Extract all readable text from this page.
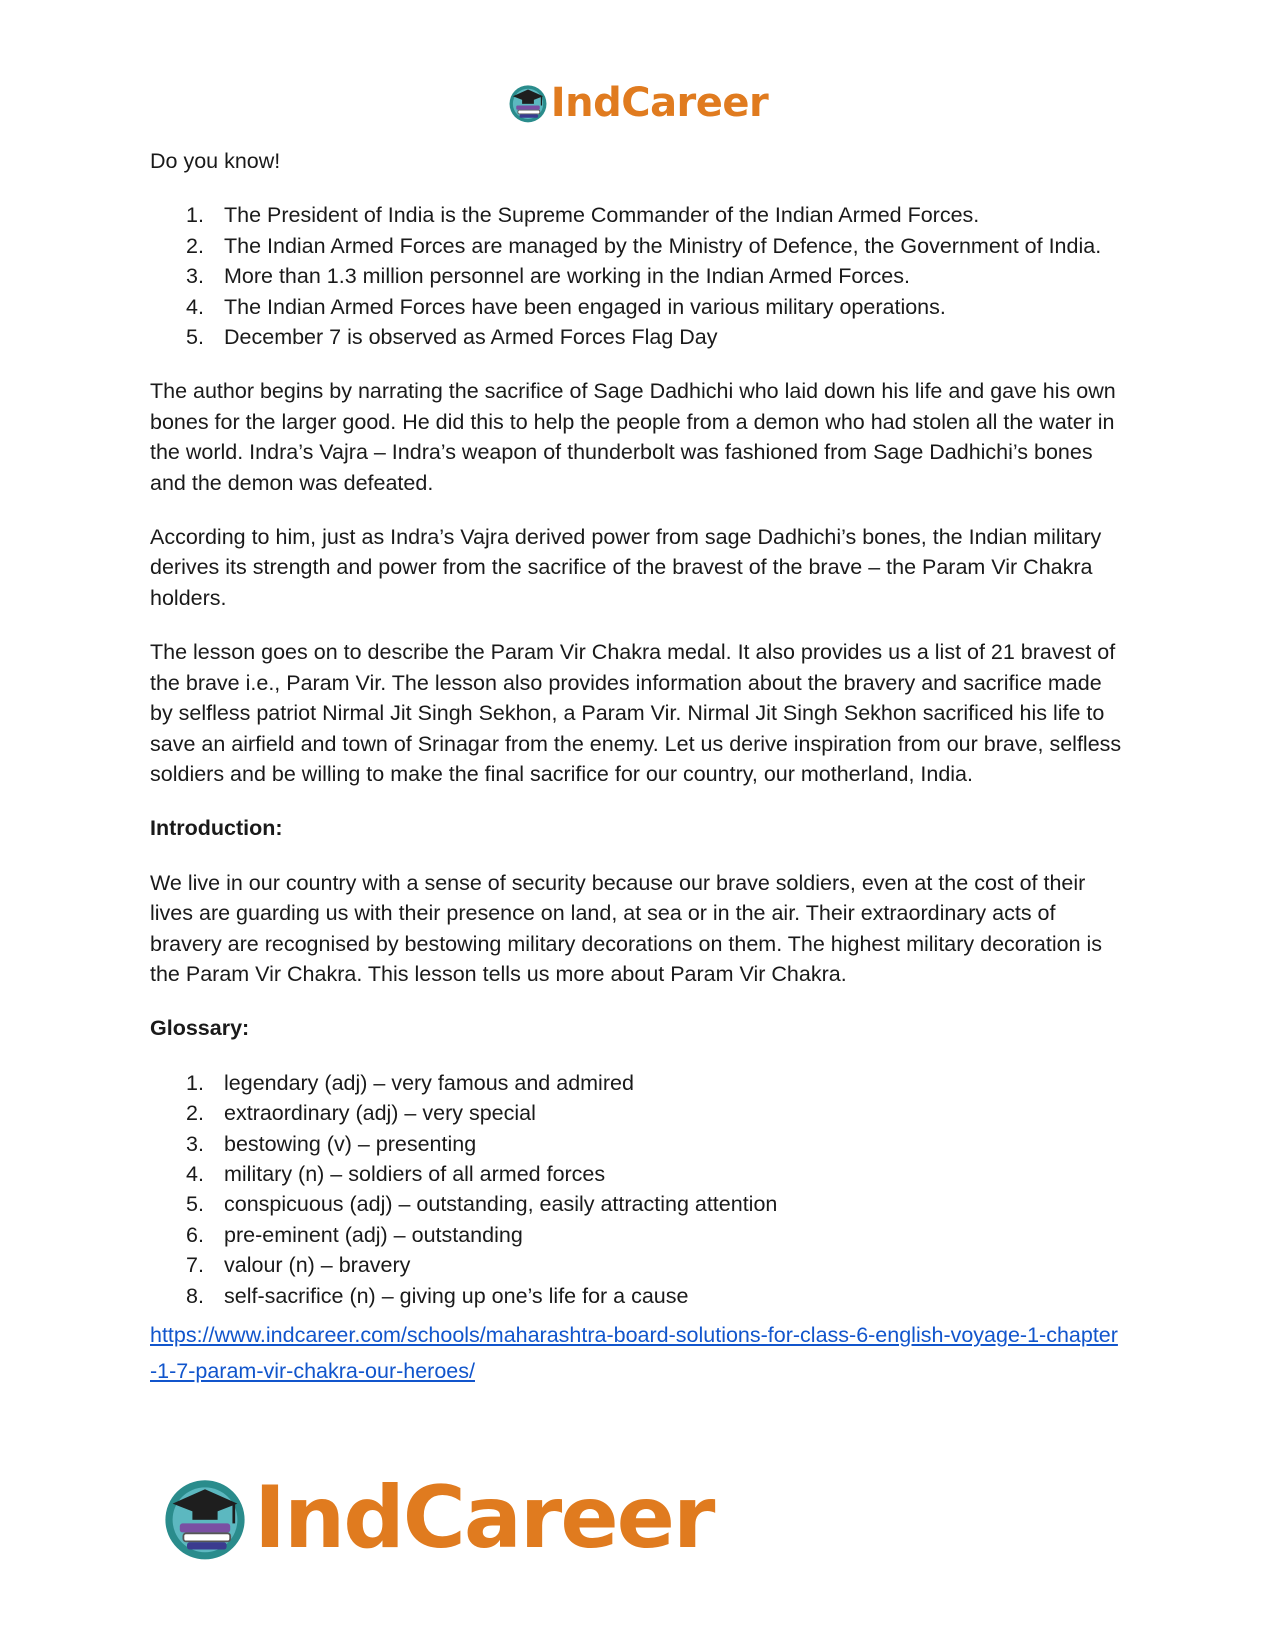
IndCareer

Do you know!

1. The President of India is the Supreme Commander of the Indian Armed Forces.
2. The Indian Armed Forces are managed by the Ministry of Defence, the Government of India.
3. More than 1.3 million personnel are working in the Indian Armed Forces.
4. The Indian Armed Forces have been engaged in various military operations.
5. December 7 is observed as Armed Forces Flag Day

The author begins by narrating the sacrifice of Sage Dadhichi who laid down his life and gave his own bones for the larger good. He did this to help the people from a demon who had stolen all the water in the world. Indra’s Vajra – Indra’s weapon of thunderbolt was fashioned from Sage Dadhichi’s bones and the demon was defeated.

According to him, just as Indra’s Vajra derived power from sage Dadhichi’s bones, the Indian military derives its strength and power from the sacrifice of the bravest of the brave – the Param Vir Chakra holders.

The lesson goes on to describe the Param Vir Chakra medal. It also provides us a list of 21 bravest of the brave i.e., Param Vir. The lesson also provides information about the bravery and sacrifice made by selfless patriot Nirmal Jit Singh Sekhon, a Param Vir. Nirmal Jit Singh Sekhon sacrificed his life to save an airfield and town of Srinagar from the enemy. Let us derive inspiration from our brave, selfless soldiers and be willing to make the final sacrifice for our country, our motherland, India.

Introduction:

We live in our country with a sense of security because our brave soldiers, even at the cost of their lives are guarding us with their presence on land, at sea or in the air. Their extraordinary acts of bravery are recognised by bestowing military decorations on them. The highest military decoration is the Param Vir Chakra. This lesson tells us more about Param Vir Chakra.

Glossary:

1. legendary (adj) – very famous and admired
2. extraordinary (adj) – very special
3. bestowing (v) – presenting
4. military (n) – soldiers of all armed forces
5. conspicuous (adj) – outstanding, easily attracting attention
6. pre-eminent (adj) – outstanding
7. valour (n) – bravery
8. self-sacrifice (n) – giving up one’s life for a cause
https://www.indcareer.com/schools/maharashtra-board-solutions-for-class-6-english-voyage-1-chapter-1-7-param-vir-chakra-our-heroes/
IndCareer
